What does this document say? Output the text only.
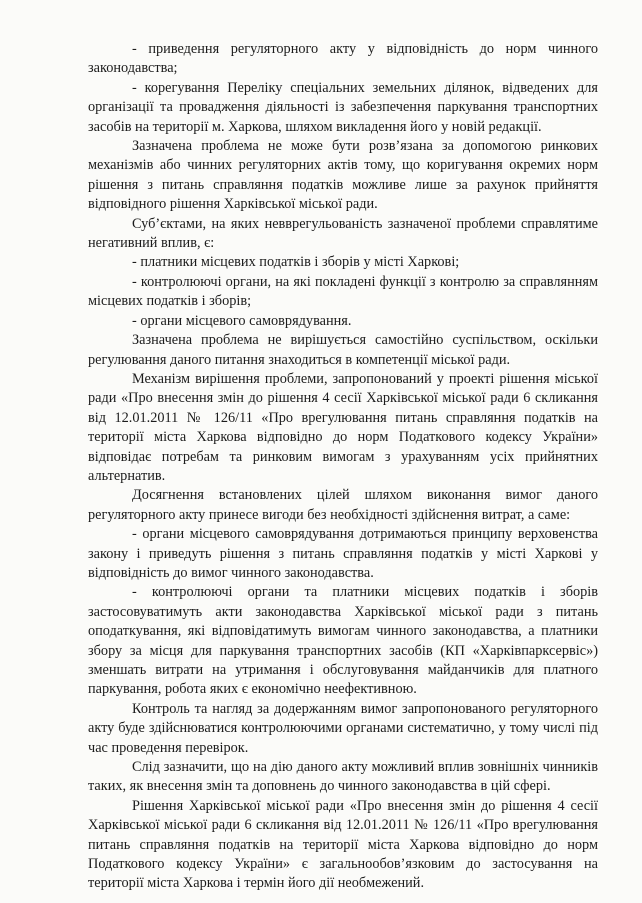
- приведення регуляторного акту у відповідність до норм чинного законодавства;

- корегування Переліку спеціальних земельних ділянок, відведених для організації та провадження діяльності із забезпечення паркування транспортних засобів на території м. Харкова, шляхом викладення його у новій редакції.

Зазначена проблема не може бути розв’язана за допомогою ринкових механізмів або чинних регуляторних актів тому, що коригування окремих норм рішення з питань справляння податків можливе лише за рахунок прийняття відповідного рішення Харківської міської ради.

Суб’єктами, на яких невврегульованість зазначеної проблеми справлятиме негативний вплив, є:

- платники місцевих податків і зборів у місті Харкові;

- контролюючі органи, на які покладені функції з контролю за справлянням місцевих податків і зборів;

- органи місцевого самоврядування.

Зазначена проблема не вирішується самостійно суспільством, оскільки регулювання даного питання знаходиться в компетенції міської ради.

Механізм вирішення проблеми, запропонований у проекті рішення міської ради «Про внесення змін до рішення 4 сесії Харківської міської ради 6 скликання від 12.01.2011 № 126/11 «Про врегулювання питань справляння податків на території міста Харкова відповідно до норм Податкового кодексу України» відповідає потребам та ринковим вимогам з урахуванням усіх прийнятних альтернатив.

Досягнення встановлених цілей шляхом виконання вимог даного регуляторного акту принесе вигоди без необхідності здійснення витрат, а саме:

- органи місцевого самоврядування дотримаються принципу верховенства закону і приведуть рішення з питань справляння податків у місті Харкові у відповідність до вимог чинного законодавства.

- контролюючі органи та платники місцевих податків і зборів застосовуватимуть акти законодавства Харківської міської ради з питань оподаткування, які відповідатимуть вимогам чинного законодавства, а платники збору за місця для паркування транспортних засобів (КП «Харківпарксервіс») зменшать витрати на утримання і обслуговування майданчиків для платного паркування, робота яких є економічно неефективною.

Контроль та нагляд за додержанням вимог запропонованого регуляторного акту буде здійснюватися контролюючими органами систематично, у тому числі під час проведення перевірок.

Слід зазначити, що на дію даного акту можливий вплив зовнішніх чинників таких, як внесення змін та доповнень до чинного законодавства в цій сфері.

Рішення Харківської міської ради «Про внесення змін до рішення 4 сесії Харківської міської ради 6 скликання від 12.01.2011 № 126/11 «Про врегулювання питань справляння податків на території міста Харкова відповідно до норм Податкового кодексу України» є загальнообов’язковим до застосування на території міста Харкова і термін його дії необмежений.
